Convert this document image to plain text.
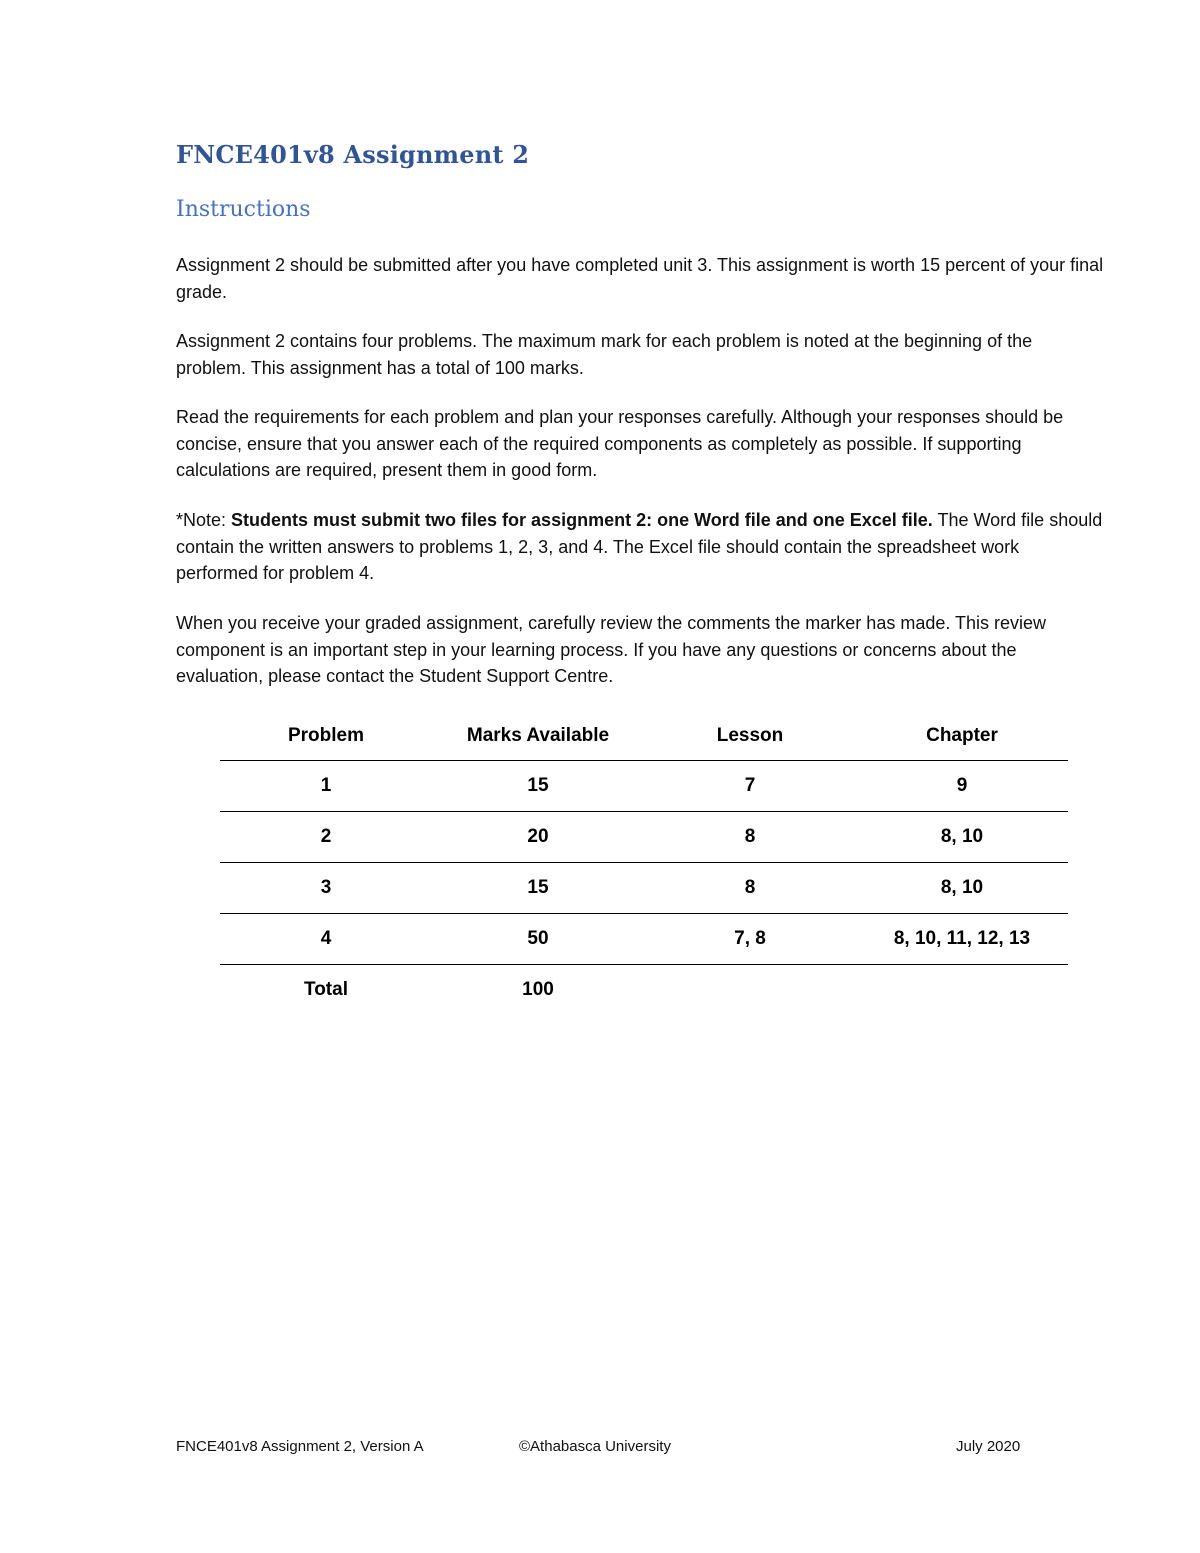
FNCE401v8 Assignment 2
Instructions

Assignment 2 should be submitted after you have completed unit 3. This assignment is worth 15 percent of your final grade.

Assignment 2 contains four problems. The maximum mark for each problem is noted at the beginning of the problem. This assignment has a total of 100 marks.

Read the requirements for each problem and plan your responses carefully. Although your responses should be concise, ensure that you answer each of the required components as completely as possible. If supporting calculations are required, present them in good form.

*Note: Students must submit two files for assignment 2: one Word file and one Excel file. The Word file should contain the written answers to problems 1, 2, 3, and 4. The Excel file should contain the spreadsheet work performed for problem 4.

When you receive your graded assignment, carefully review the comments the marker has made. This review component is an important step in your learning process. If you have any questions or concerns about the evaluation, please contact the Student Support Centre.

Problem	Marks Available	Lesson	Chapter
1	15	7	9
2	20	8	8, 10
3	15	8	8, 10
4	50	7, 8	8, 10, 11, 12, 13
Total	100		
FNCE401v8 Assignment 2, Version A	©Athabasca University	July 2020
